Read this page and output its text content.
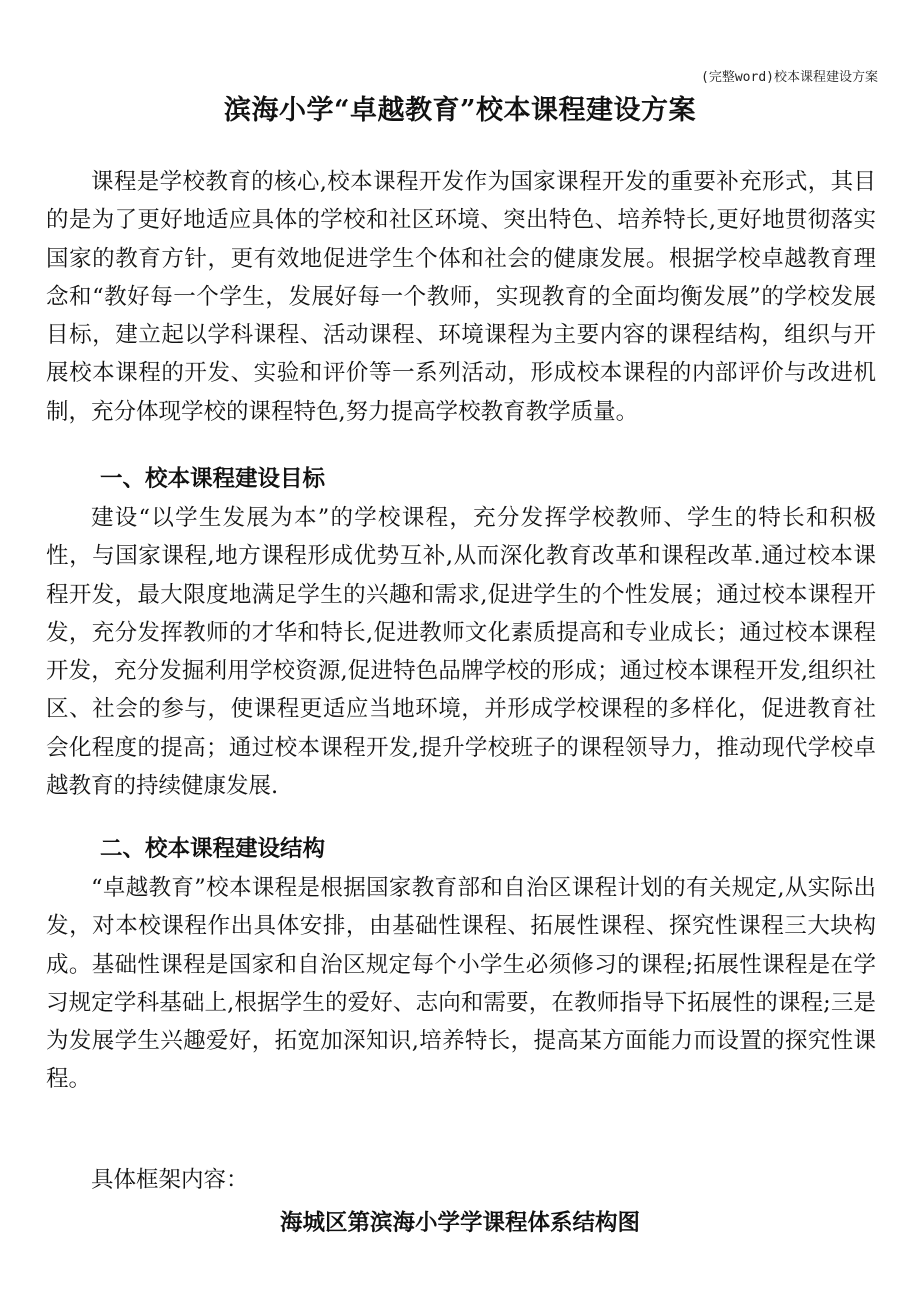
(完整word)校本课程建设方案
滨海小学“卓越教育”校本课程建设方案
课程是学校教育的核心,校本课程开发作为国家课程开发的重要补充形式，其目的是为了更好地适应具体的学校和社区环境、突出特色、培养特长,更好地贯彻落实国家的教育方针，更有效地促进学生个体和社会的健康发展。根据学校卓越教育理念和“教好每一个学生，发展好每一个教师，实现教育的全面均衡发展”的学校发展目标，建立起以学科课程、活动课程、环境课程为主要内容的课程结构，组织与开展校本课程的开发、实验和评价等一系列活动，形成校本课程的内部评价与改进机制，充分体现学校的课程特色,努力提高学校教育教学质量。
一、校本课程建设目标
建设“以学生发展为本”的学校课程，充分发挥学校教师、学生的特长和积极性，与国家课程,地方课程形成优势互补,从而深化教育改革和课程改革.通过校本课程开发，最大限度地满足学生的兴趣和需求,促进学生的个性发展；通过校本课程开发，充分发挥教师的才华和特长,促进教师文化素质提高和专业成长；通过校本课程开发，充分发掘利用学校资源,促进特色品牌学校的形成；通过校本课程开发,组织社区、社会的参与，使课程更适应当地环境，并形成学校课程的多样化，促进教育社会化程度的提高；通过校本课程开发,提升学校班子的课程领导力，推动现代学校卓越教育的持续健康发展.
二、校本课程建设结构
“卓越教育”校本课程是根据国家教育部和自治区课程计划的有关规定,从实际出发，对本校课程作出具体安排，由基础性课程、拓展性课程、探究性课程三大块构成。基础性课程是国家和自治区规定每个小学生必须修习的课程;拓展性课程是在学习规定学科基础上,根据学生的爱好、志向和需要，在教师指导下拓展性的课程;三是为发展学生兴趣爱好，拓宽加深知识,培养特长，提高某方面能力而设置的探究性课程。
具体框架内容：
海城区第滨海小学学课程体系结构图
